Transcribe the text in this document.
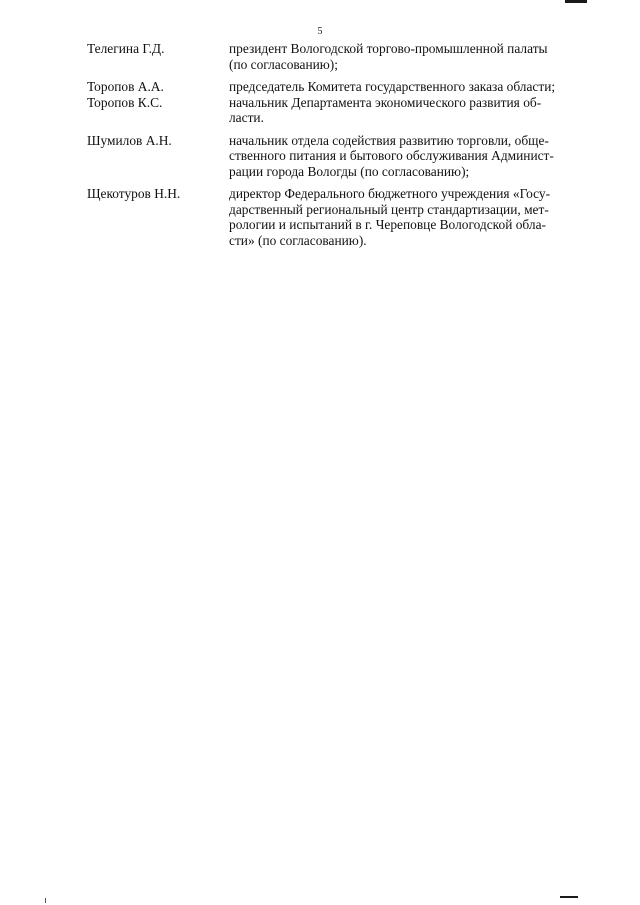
5
Телегина Г.Д.	президент Вологодской торгово-промышленной палаты
(по согласованию);
Торопов А.А.	председатель Комитета государственного заказа области;
Торопов К.С.	начальник Департамента экономического развития об-
ласти.
Шумилов А.Н.	начальник отдела содействия развитию торговли, обще-
ственного питания и бытового обслуживания Админист-
рации города Вологды (по согласованию);
Щекотуров Н.Н.	директор Федерального бюджетного учреждения «Госу-
дарственный региональный центр стандартизации, мет-
рологии и испытаний в г. Череповце Вологодской обла-
сти» (по согласованию).
